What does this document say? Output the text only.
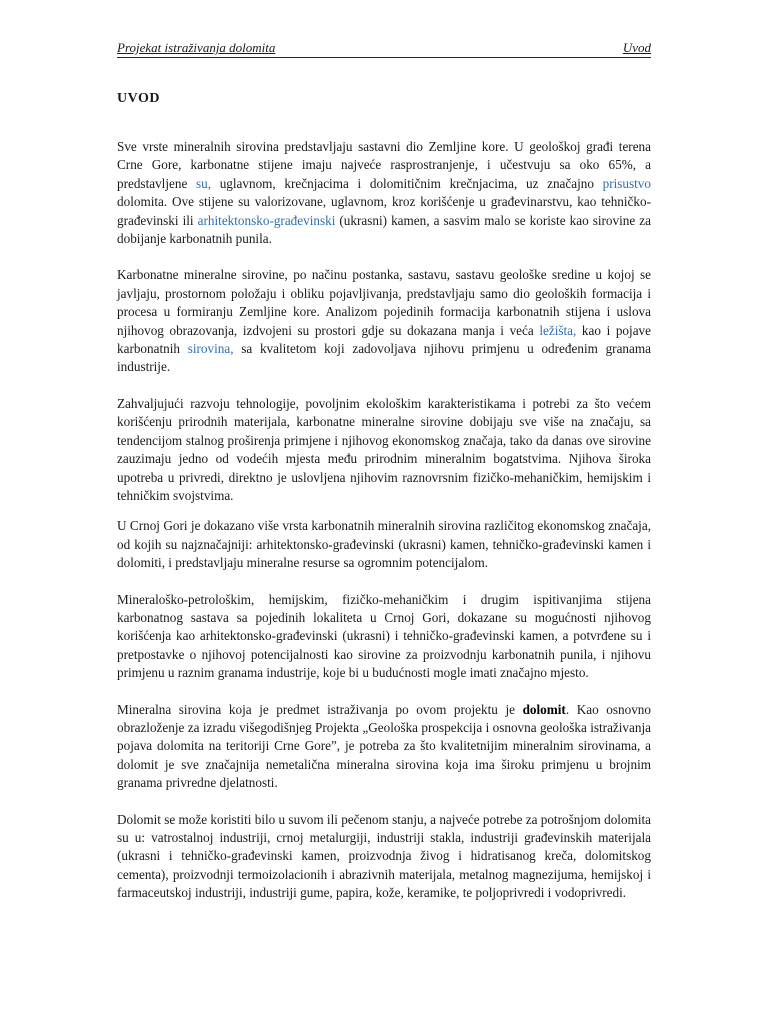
Projekat istraživanja dolomita	Uvod
UVOD

Sve vrste mineralnih sirovina predstavljaju sastavni dio Zemljine kore. U geološkoj građi terena Crne Gore, karbonatne stijene imaju najveće rasprostranjenje, i učestvuju sa oko 65%, a predstavljene su, uglavnom, krečnjacima i dolomitičnim krečnjacima, uz značajno prisustvo dolomita. Ove stijene su valorizovane, uglavnom, kroz korišćenje u građevinarstvu, kao tehničko-građevinski ili arhitektonsko-građevinski (ukrasni) kamen, a sasvim malo se koriste kao sirovine za dobijanje karbonatnih punila.

Karbonatne mineralne sirovine, po načinu postanka, sastavu, sastavu geološke sredine u kojoj se javljaju, prostornom položaju i obliku pojavljivanja, predstavljaju samo dio geoloških formacija i procesa u formiranju Zemljine kore. Analizom pojedinih formacija karbonatnih stijena i uslova njihovog obrazovanja, izdvojeni su prostori gdje su dokazana manja i veća ležišta, kao i pojave karbonatnih sirovina, sa kvalitetom koji zadovoljava njihovu primjenu u određenim granama industrije.

Zahvaljujući razvoju tehnologije, povoljnim ekološkim karakteristikama i potrebi za što većem korišćenju prirodnih materijala, karbonatne mineralne sirovine dobijaju sve više na značaju, sa tendencijom stalnog proširenja primjene i njihovog ekonomskog značaja, tako da danas ove sirovine zauzimaju jedno od vodećih mjesta među prirodnim mineralnim bogatstvima. Njihova široka upotreba u privredi, direktno je uslovljena njihovim raznovrsnim fizičko-mehaničkim, hemijskim i tehničkim svojstvima.

U Crnoj Gori je dokazano više vrsta karbonatnih mineralnih sirovina različitog ekonomskog značaja, od kojih su najznačajniji: arhitektonsko-građevinski (ukrasni) kamen, tehničko-građevinski kamen i dolomiti, i predstavljaju mineralne resurse sa ogromnim potencijalom.

Mineraloško-petrološkim, hemijskim, fizičko-mehaničkim i drugim ispitivanjima stijena karbonatnog sastava sa pojedinih lokaliteta u Crnoj Gori, dokazane su mogućnosti njihovog korišćenja kao arhitektonsko-građevinski (ukrasni) i tehničko-građevinski kamen, a potvrđene su i pretpostavke o njihovoj potencijalnosti kao sirovine za proizvodnju karbonatnih punila, i njihovu primjenu u raznim granama industrije, koje bi u budućnosti mogle imati značajno mjesto.

Mineralna sirovina koja je predmet istraživanja po ovom projektu je dolomit. Kao osnovno obrazloženje za izradu višegodišnjeg Projekta „Geološka prospekcija i osnovna geološka istraživanja pojava dolomita na teritoriji Crne Gore”, je potreba za što kvalitetnijim mineralnim sirovinama, a dolomit je sve značajnija nemetalična mineralna sirovina koja ima široku primjenu u brojnim granama privredne djelatnosti.

Dolomit se može koristiti bilo u suvom ili pečenom stanju, a najveće potrebe za potrošnjom dolomita su u: vatrostalnoj industriji, crnoj metalurgiji, industriji stakla, industriji građevinskih materijala (ukrasni i tehničko-građevinski kamen, proizvodnja živog i hidratisanog kreča, dolomitskog cementa), proizvodnji termoizolacionih i abrazivnih materijala, metalnog magnezijuma, hemijskoj i farmaceutskoj industriji, industriji gume, papira, kože, keramike, te poljoprivredi i vodoprivredi.
